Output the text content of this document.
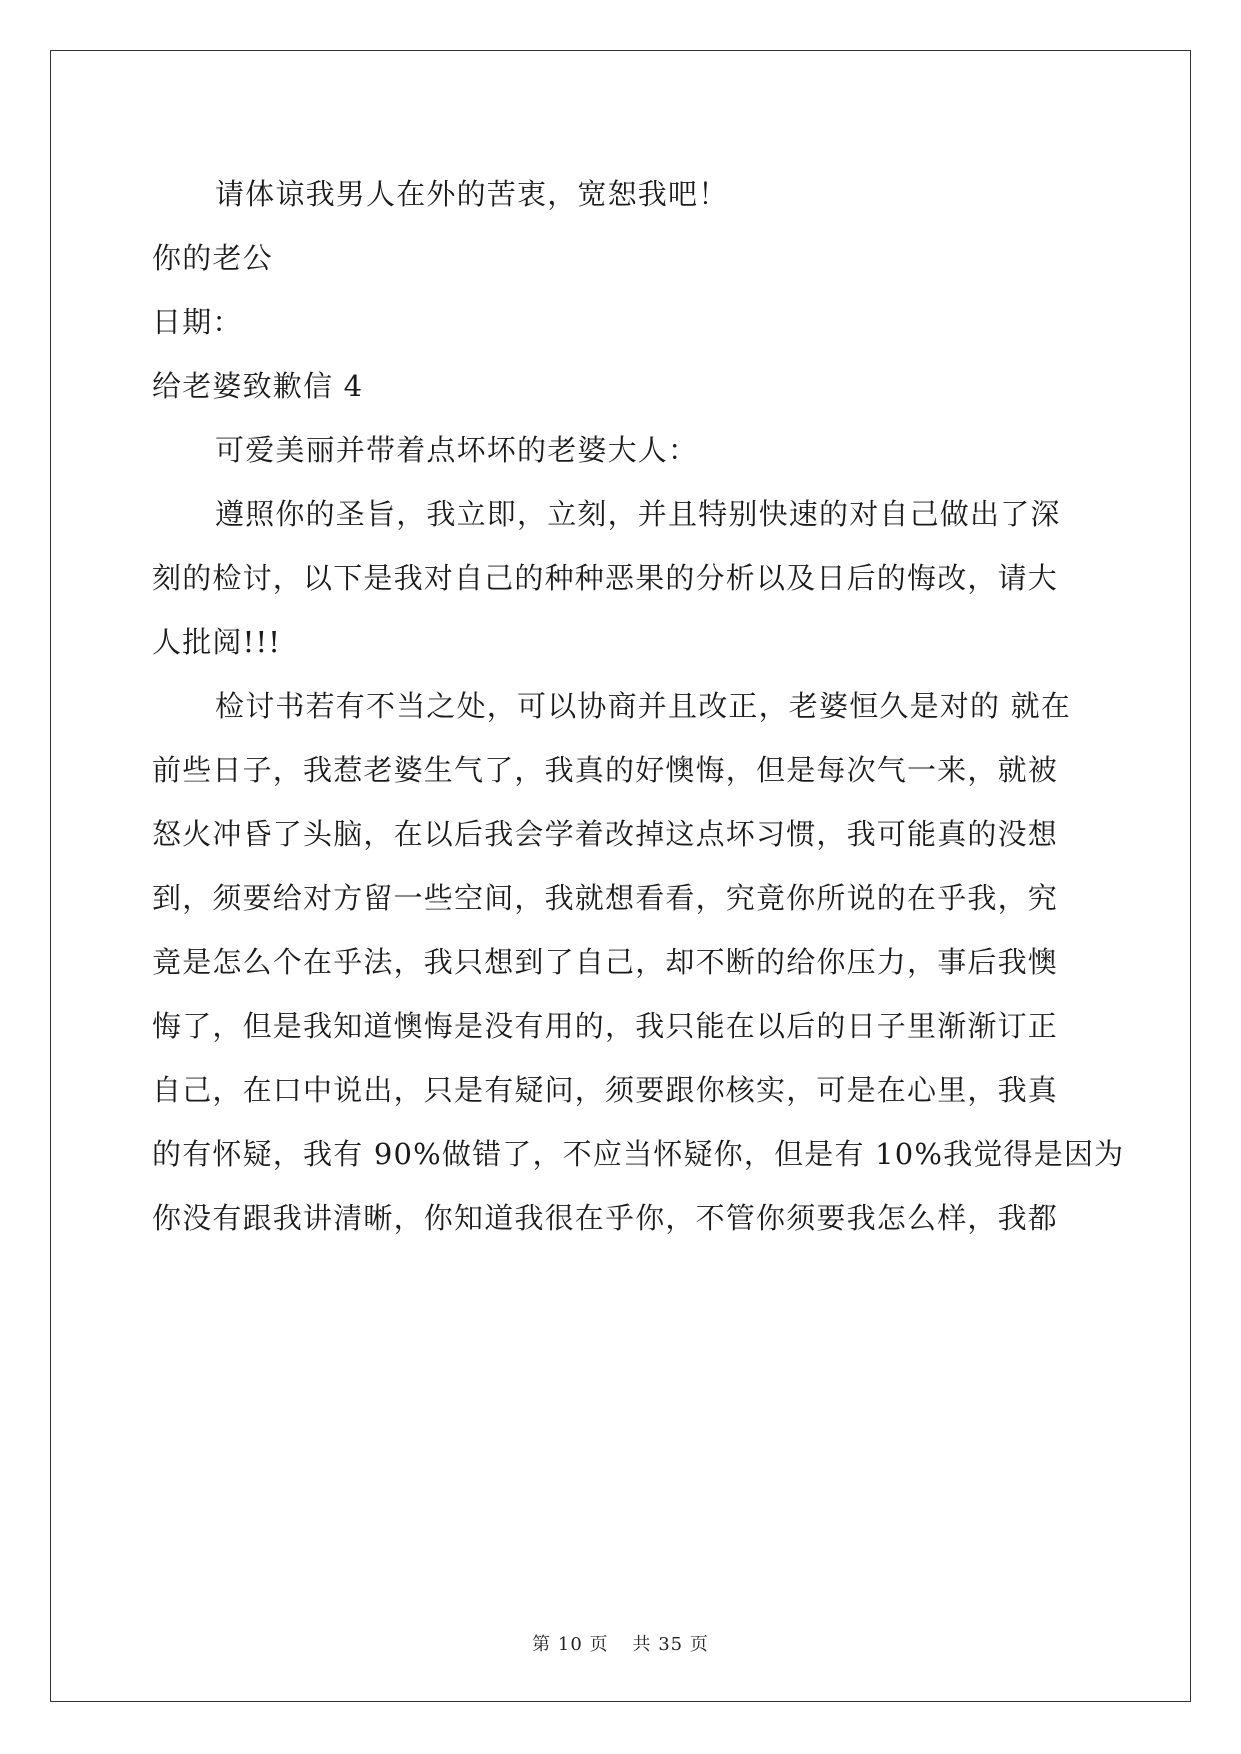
请体谅我男人在外的苦衷，宽恕我吧！
你的老公
日期：
给老婆致歉信 4
可爱美丽并带着点坏坏的老婆大人：
遵照你的圣旨，我立即，立刻，并且特别快速的对自己做出了深
刻的检讨，以下是我对自己的种种恶果的分析以及日后的悔改，请大
人批阅!!!
检讨书若有不当之处，可以协商并且改正，老婆恒久是对的 就在
前些日子，我惹老婆生气了，我真的好懊悔，但是每次气一来，就被
怒火冲昏了头脑，在以后我会学着改掉这点坏习惯，我可能真的没想
到，须要给对方留一些空间，我就想看看，究竟你所说的在乎我，究
竟是怎么个在乎法，我只想到了自己，却不断的给你压力，事后我懊
悔了，但是我知道懊悔是没有用的，我只能在以后的日子里渐渐订正
自己，在口中说出，只是有疑问，须要跟你核实，可是在心里，我真
的有怀疑，我有 90%做错了，不应当怀疑你，但是有 10%我觉得是因为
你没有跟我讲清晰，你知道我很在乎你，不管你须要我怎么样，我都
第 10 页 共 35 页
